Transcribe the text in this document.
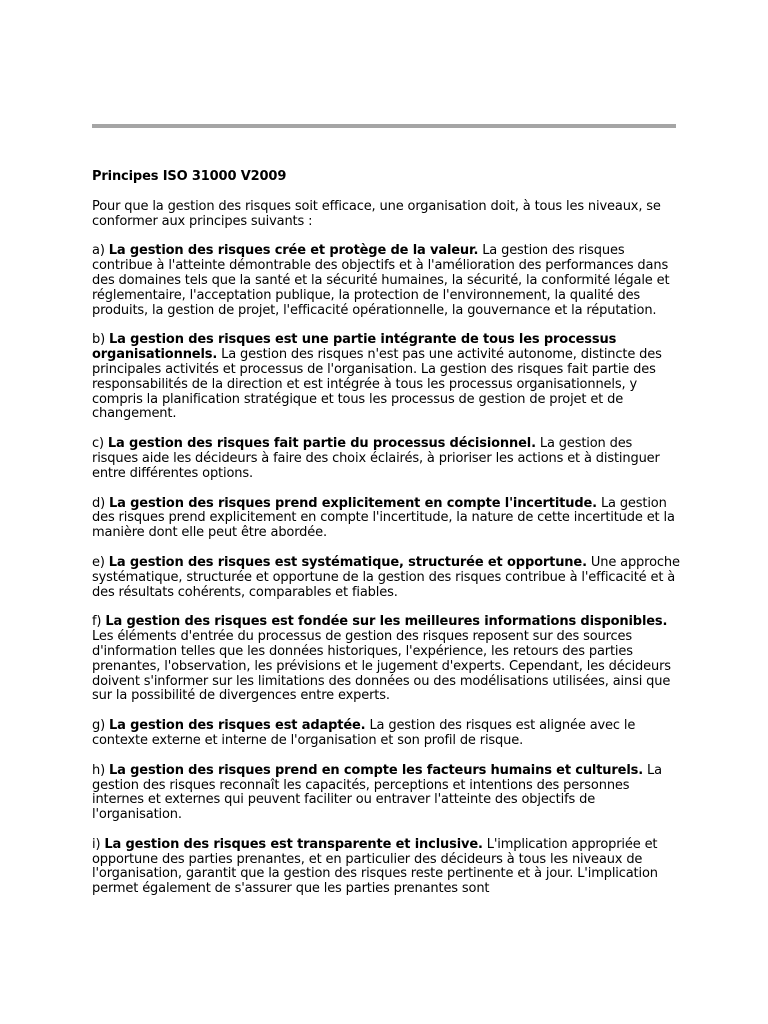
Principes ISO 31000 V2009
Pour que la gestion des risques soit efficace, une organisation doit, à tous les niveaux, se conformer aux principes suivants :
a) La gestion des risques crée et protège de la valeur. La gestion des risques contribue à l'atteinte démontrable des objectifs et à l'amélioration des performances dans des domaines tels que la santé et la sécurité humaines, la sécurité, la conformité légale et réglementaire, l'acceptation publique, la protection de l'environnement, la qualité des produits, la gestion de projet, l'efficacité opérationnelle, la gouvernance et la réputation.
b) La gestion des risques est une partie intégrante de tous les processus organisationnels. La gestion des risques n'est pas une activité autonome, distincte des principales activités et processus de l'organisation. La gestion des risques fait partie des responsabilités de la direction et est intégrée à tous les processus organisationnels, y compris la planification stratégique et tous les processus de gestion de projet et de changement.
c) La gestion des risques fait partie du processus décisionnel. La gestion des risques aide les décideurs à faire des choix éclairés, à prioriser les actions et à distinguer entre différentes options.
d) La gestion des risques prend explicitement en compte l'incertitude. La gestion des risques prend explicitement en compte l'incertitude, la nature de cette incertitude et la manière dont elle peut être abordée.
e) La gestion des risques est systématique, structurée et opportune. Une approche systématique, structurée et opportune de la gestion des risques contribue à l'efficacité et à des résultats cohérents, comparables et fiables.
f) La gestion des risques est fondée sur les meilleures informations disponibles. Les éléments d'entrée du processus de gestion des risques reposent sur des sources d'information telles que les données historiques, l'expérience, les retours des parties prenantes, l'observation, les prévisions et le jugement d'experts. Cependant, les décideurs doivent s'informer sur les limitations des données ou des modélisations utilisées, ainsi que sur la possibilité de divergences entre experts.
g) La gestion des risques est adaptée. La gestion des risques est alignée avec le contexte externe et interne de l'organisation et son profil de risque.
h) La gestion des risques prend en compte les facteurs humains et culturels. La gestion des risques reconnaît les capacités, perceptions et intentions des personnes internes et externes qui peuvent faciliter ou entraver l'atteinte des objectifs de l'organisation.
i) La gestion des risques est transparente et inclusive. L'implication appropriée et opportune des parties prenantes, et en particulier des décideurs à tous les niveaux de l'organisation, garantit que la gestion des risques reste pertinente et à jour. L'implication permet également de s'assurer que les parties prenantes sont
